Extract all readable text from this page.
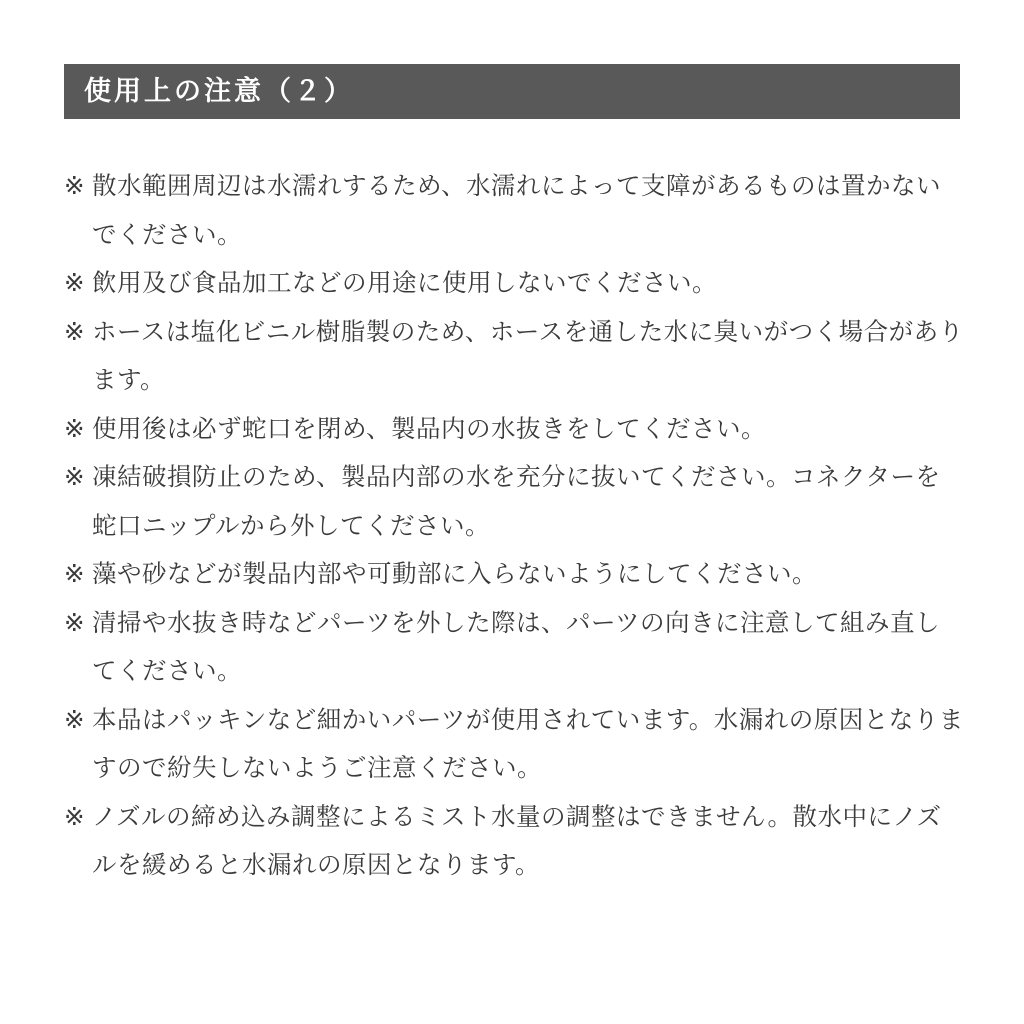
使用上の注意（２）
※ 散水範囲周辺は水濡れするため、水濡れによって支障があるものは置かないでください。
※ 飲用及び食品加工などの用途に使用しないでください。
※ ホースは塩化ビニル樹脂製のため、ホースを通した水に臭いがつく場合があります。
※ 使用後は必ず蛇口を閉め、製品内の水抜きをしてください。
※ 凍結破損防止のため、製品内部の水を充分に抜いてください。コネクターを蛇口ニップルから外してください。
※ 藻や砂などが製品内部や可動部に入らないようにしてください。
※ 清掃や水抜き時などパーツを外した際は、パーツの向きに注意して組み直してください。
※ 本品はパッキンなど細かいパーツが使用されています。水漏れの原因となりますので紛失しないようご注意ください。
※ ノズルの締め込み調整によるミスト水量の調整はできません。散水中にノズルを緩めると水漏れの原因となります。
